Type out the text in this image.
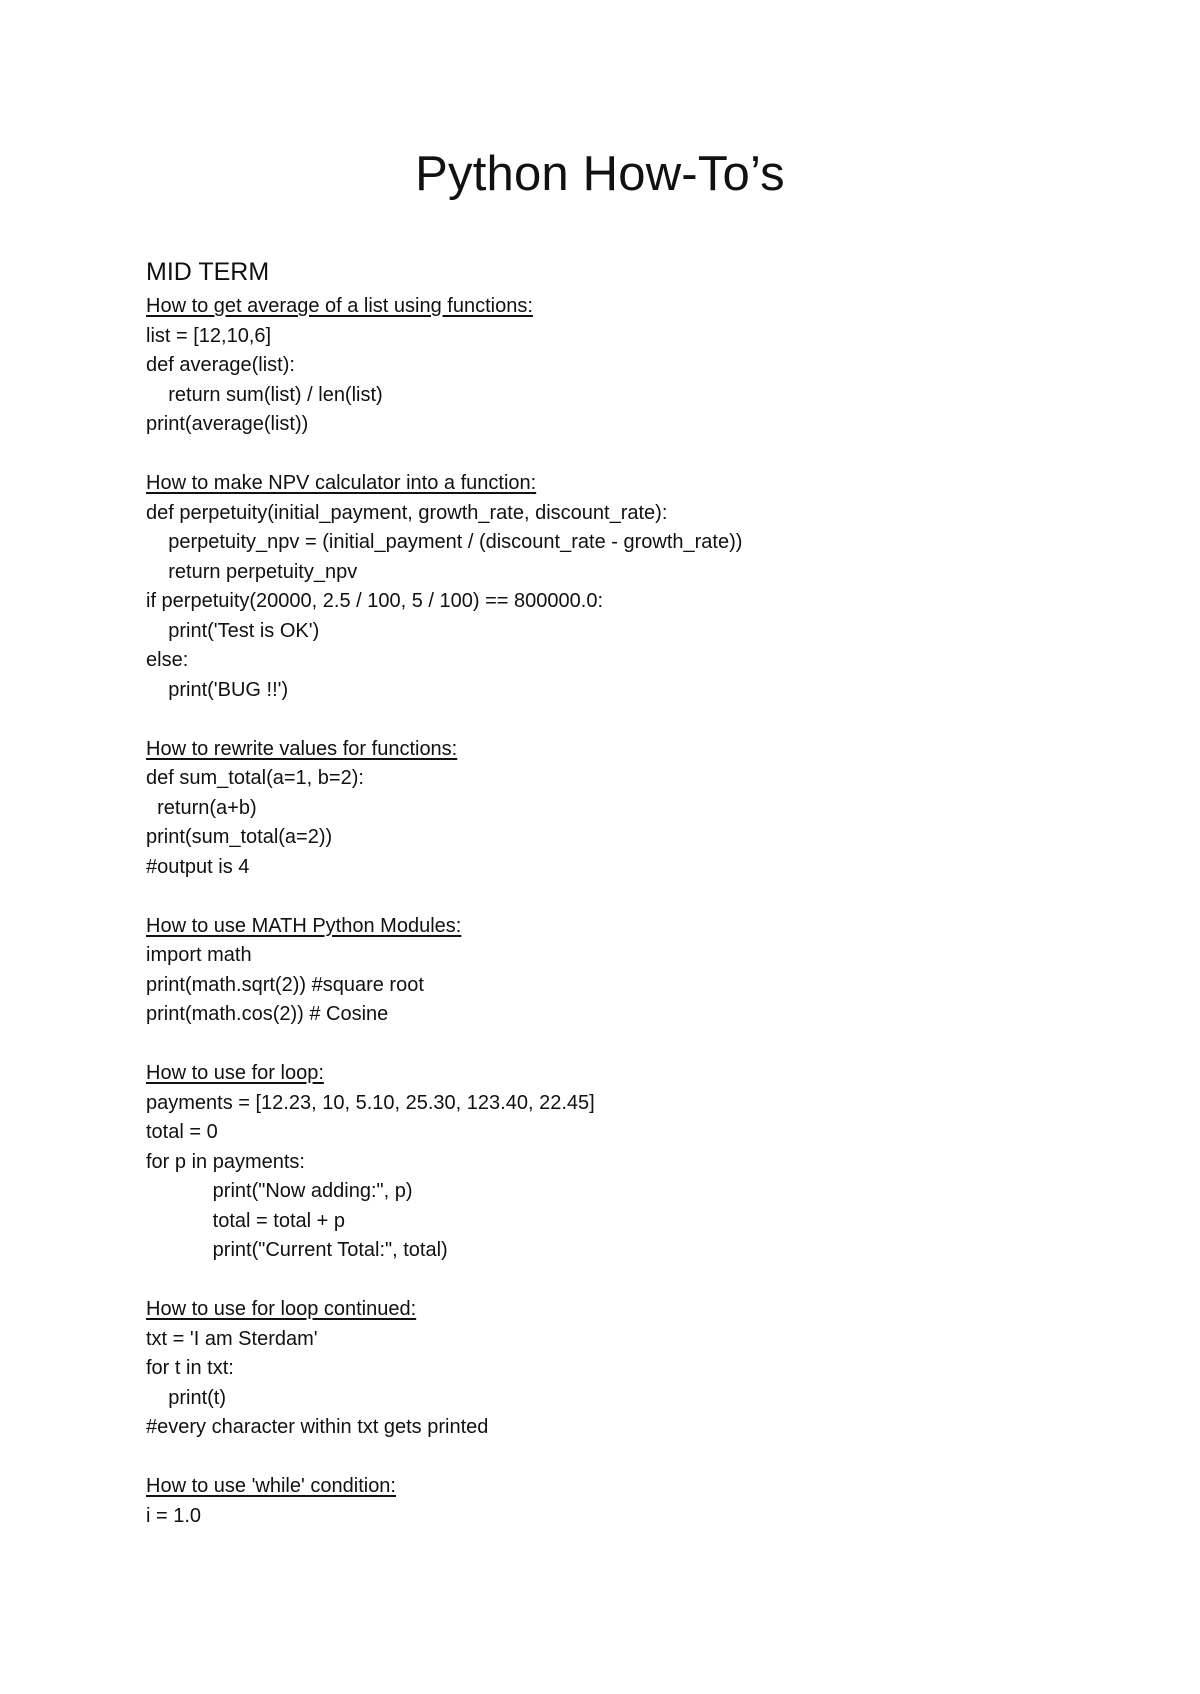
Python How-To’s
MID TERM
How to get average of a list using functions:
list = [12,10,6]
def average(list):
return sum(list) / len(list)
print(average(list))
How to make NPV calculator into a function:
def perpetuity(initial_payment, growth_rate, discount_rate):
perpetuity_npv = (initial_payment / (discount_rate - growth_rate))
return perpetuity_npv
if perpetuity(20000, 2.5 / 100, 5 / 100) == 800000.0:
print('Test is OK')
else:
print('BUG !!')
How to rewrite values for functions:
def sum_total(a=1, b=2):
return(a+b)
print(sum_total(a=2))
#output is 4
How to use MATH Python Modules:
import math
print(math.sqrt(2)) #square root
print(math.cos(2)) # Cosine
How to use for loop:
payments = [12.23, 10, 5.10, 25.30, 123.40, 22.45]
total = 0
for p in payments:
print("Now adding:", p)
total = total + p
print("Current Total:", total)
How to use for loop continued:
txt = 'I am Sterdam'
for t in txt:
print(t)
#every character within txt gets printed
How to use 'while' condition:
i = 1.0
